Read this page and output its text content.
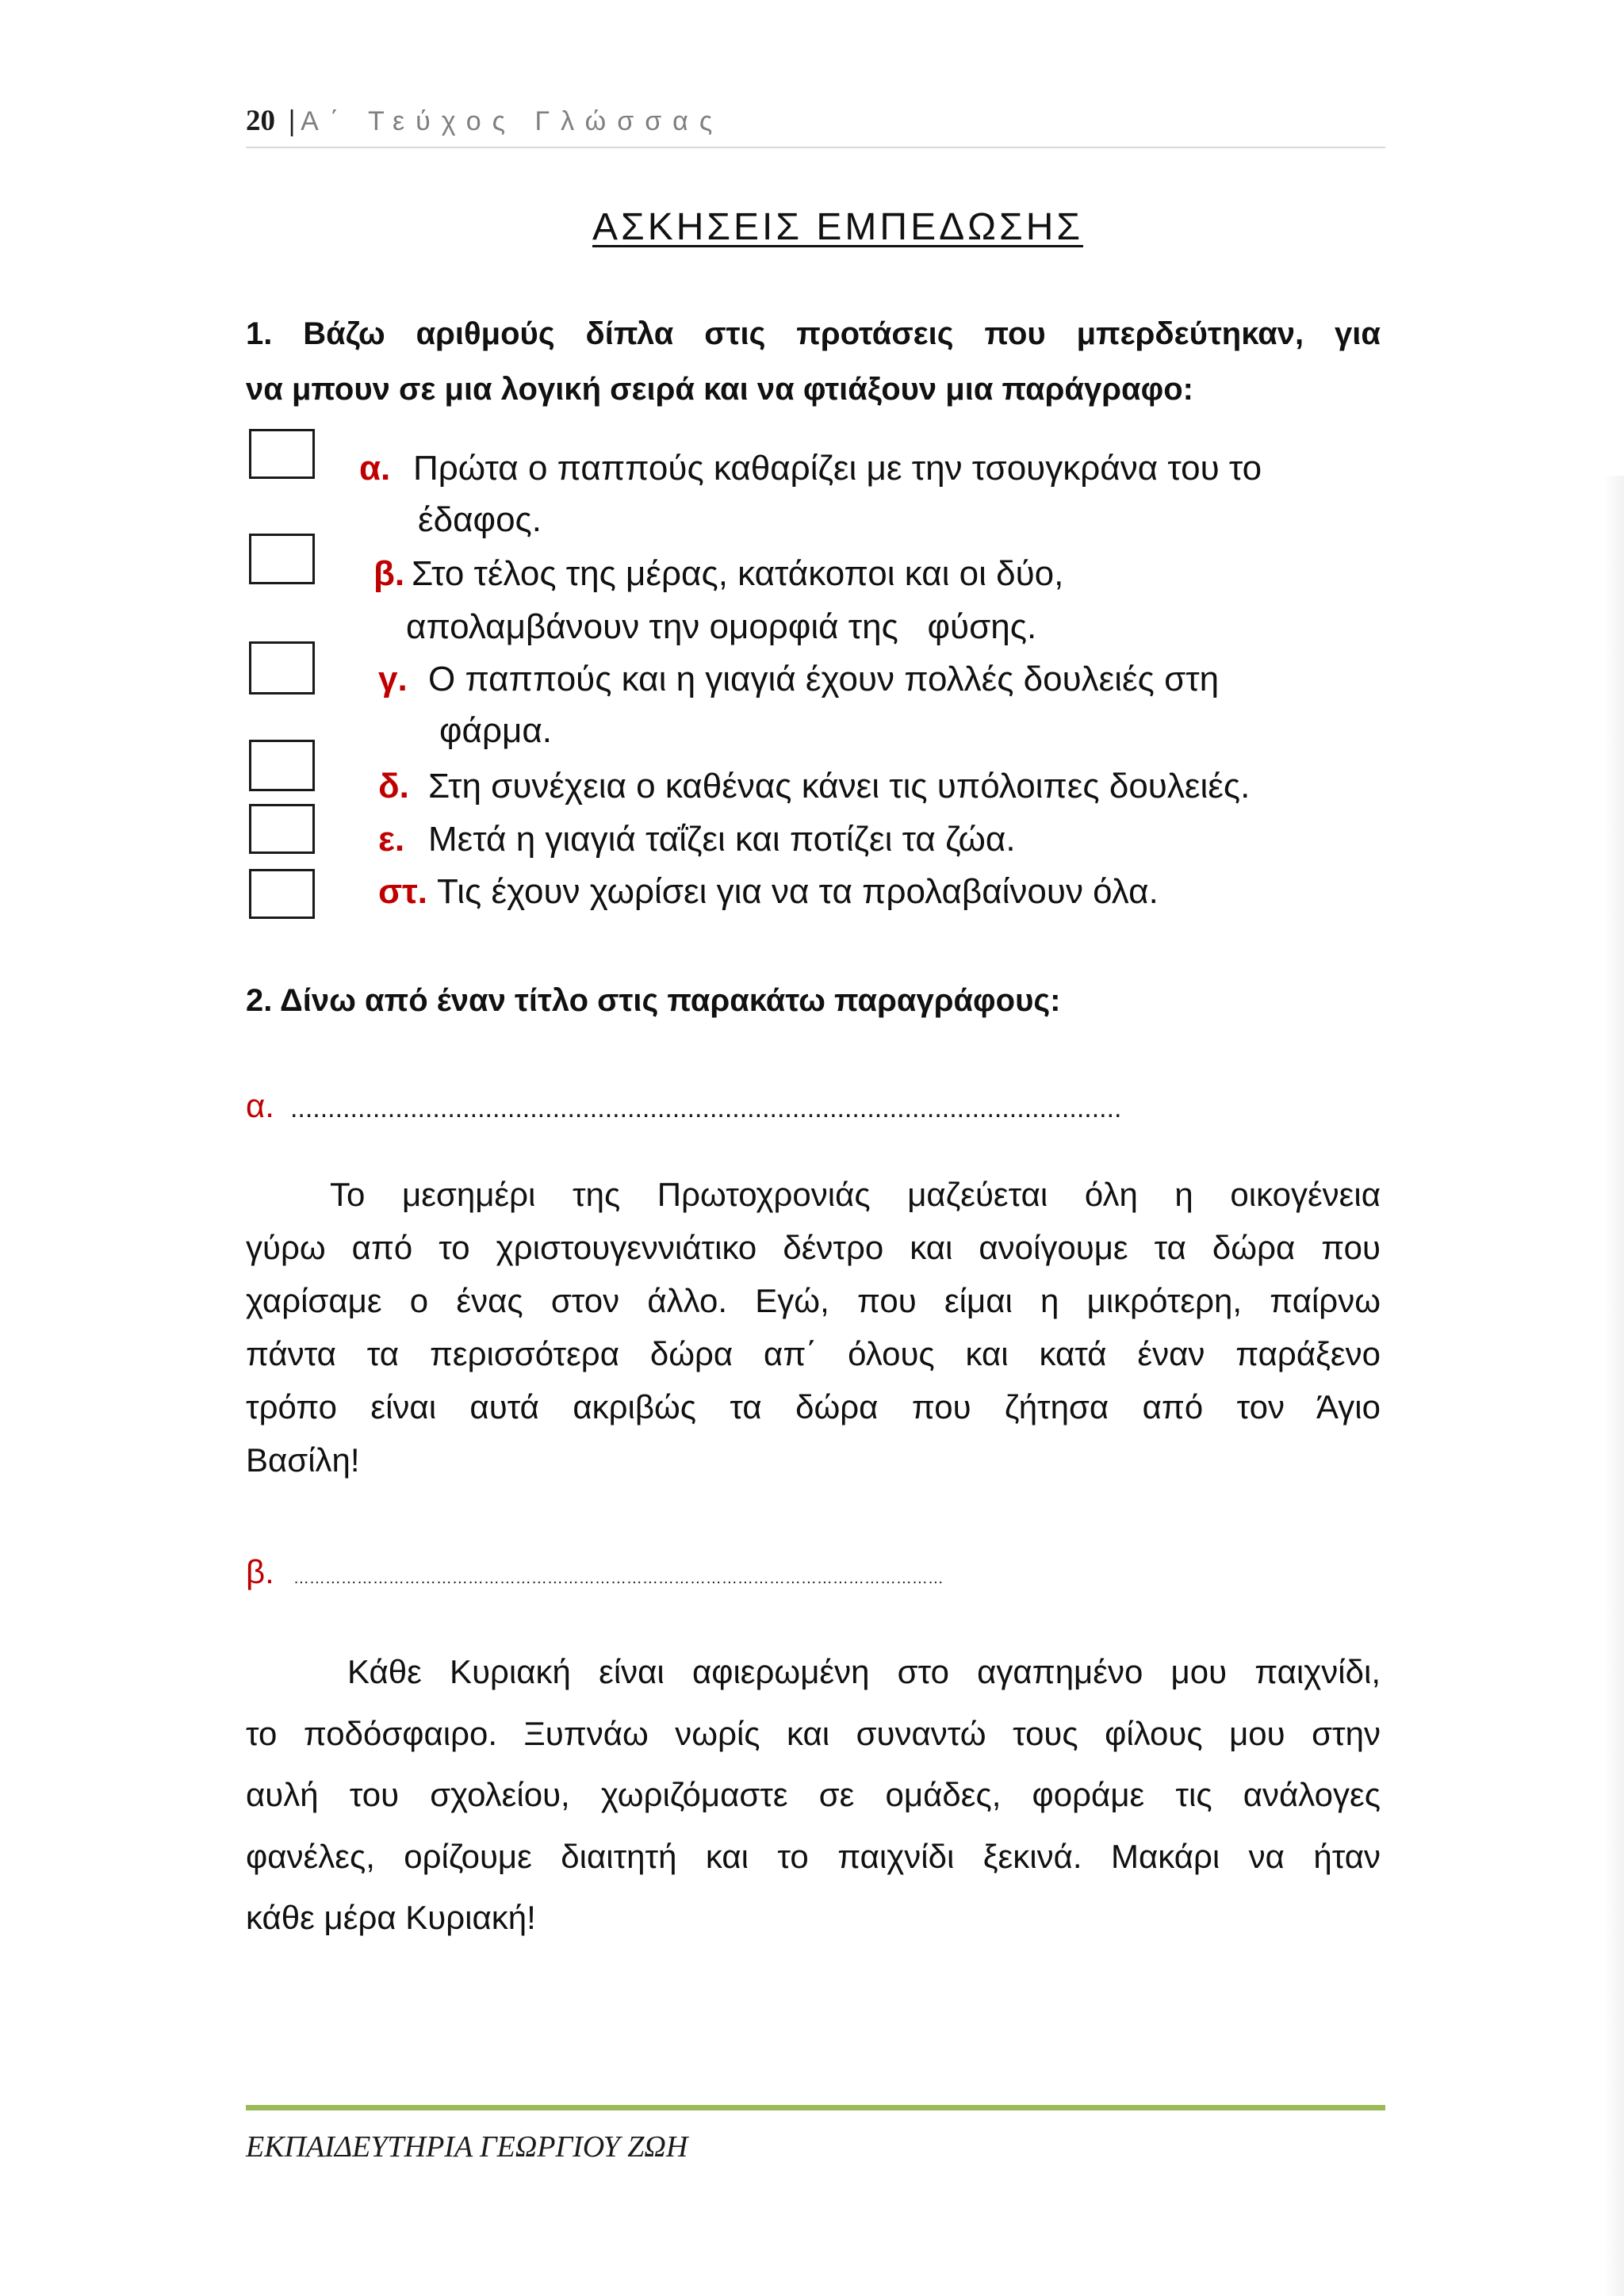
20 | Α΄ Τεύχος Γλώσσας
ΑΣΚΗΣΕΙΣ ΕΜΠΕΔΩΣΗΣ
1. Βάζω αριθμούς δίπλα στις προτάσεις που μπερδεύτηκαν, για
να μπουν σε μια λογική σειρά και να φτιάξουν μια παράγραφο:
α. Πρώτα ο παππούς καθαρίζει με την τσουγκράνα του το
έδαφος.
β. Στο τέλος της μέρας, κατάκοποι και οι δύο,
απολαμβάνουν την ομορφιά της   φύσης.
γ. Ο παππούς και η γιαγιά έχουν πολλές δουλειές στη
φάρμα.
δ. Στη συνέχεια ο καθένας κάνει τις υπόλοιπες δουλειές.
ε. Μετά η γιαγιά ταΐζει και ποτίζει τα ζώα.
στ. Τις έχουν χωρίσει για να τα προλαβαίνουν όλα.
2. Δίνω από έναν τίτλο στις παρακάτω παραγράφους:
α. ...............................................................................................................
Το μεσημέρι της Πρωτοχρονιάς μαζεύεται όλη η οικογένεια
γύρω από το χριστουγεννιάτικο δέντρο και ανοίγουμε τα δώρα που
χαρίσαμε ο ένας στον άλλο. Εγώ, που είμαι η μικρότερη, παίρνω
πάντα τα περισσότερα δώρα απ΄ όλους και κατά έναν παράξενο
τρόπο είναι αυτά ακριβώς τα δώρα που ζήτησα από τον Άγιο
Βασίλη!
β. ……………………………………………………………………………………………………………
Κάθε Κυριακή είναι αφιερωμένη στο αγαπημένο μου παιχνίδι,
το ποδόσφαιρο. Ξυπνάω νωρίς και συναντώ τους φίλους μου στην
αυλή του σχολείου, χωριζόμαστε σε ομάδες, φοράμε τις ανάλογες
φανέλες, ορίζουμε διαιτητή και το παιχνίδι ξεκινά. Μακάρι να ήταν
κάθε μέρα Κυριακή!
ΕΚΠΑΙΔΕΥΤΗΡΙΑ ΓΕΩΡΓΙΟΥ ΖΩΗ
